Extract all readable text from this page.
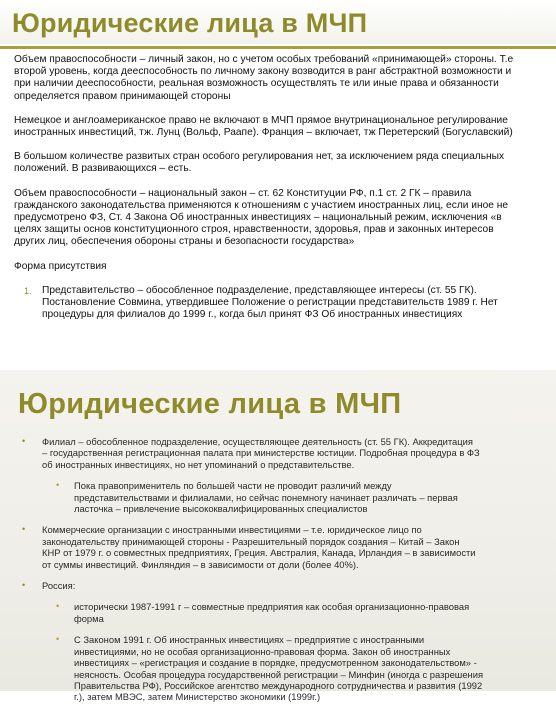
Юридические лица в МЧП

Объем правоспособности – личный закон, но с учетом особых требований «принимающей» стороны. Т.е
второй уровень, когда дееспособность по личному закону возводится в ранг абстрактной возможности и
при наличии дееспособности, реальная возможность осуществлять те или иные права и обязанности
определяется правом принимающей стороны

Немецкое и англоамериканское право не включают в МЧП прямое внутринациональное регулирование
иностранных инвестиций, тж. Лунц (Вольф, Раапе). Франция – включает, тж Перетерский (Богуславский)

В большом количестве развитых стран особого регулирования нет, за исключением ряда специальных
положений. В развивающихся – есть.

Объем правоспособности – национальный закон – ст. 62 Конституции РФ, п.1 ст. 2 ГК – правила
гражданского законодательства применяются к отношениям с участием иностранных лиц, если иное не
предусмотрено ФЗ, Ст. 4 Закона Об иностранных инвестициях – национальный режим, исключения «в
целях защиты основ конституционного строя, нравственности, здоровья, прав и законных интересов
других лиц, обеспечения обороны страны и безопасности государства»

Форма присутствия

1. Представительство – обособленное подразделение, представляющее интересы (ст. 55 ГК).
Постановление Совмина, утвердившее Положение о регистрации представительств 1989 г. Нет
процедуры для филиалов до 1999 г., когда был принят ФЗ Об иностранных инвестициях
Юридические лица в МЧП
• Филиал – обособленное подразделение, осуществляющее деятельность (ст. 55 ГК). Аккредитация
– государственная регистрационная палата при министерстве юстиции. Подробная процедура в ФЗ
об иностранных инвестициях, но нет упоминаний о представительстве.
• Пока правоприменитель по большей части не проводит различий между
представительствами и филиалами, но сейчас понемногу начинает различать – первая
ласточка – привлечение высококвалифицированных специалистов
• Коммерческие организации с иностранными инвестициями – т.е. юридическое лицо по
законодательству принимающей стороны - Разрешительный порядок создания – Китай – Закон
КНР от 1979 г. о совместных предприятиях, Греция. Австралия, Канада, Ирландия – в зависимости
от суммы инвестиций. Финляндия – в зависимости от доли (более 40%).
• Россия:
• исторически 1987-1991 г – совместные предприятия как особая организационно-правовая
форма
• С Законом 1991 г. Об иностранных инвестициях – предприятие с иностранными
инвестициями, но не особая организационно-правовая форма. Закон об иностранных
инвестициях – «регистрация и создание в порядке, предусмотренном законодательством» -
неясность. Особая процедура государственной регистрации – Минфин (иногда с разрешения
Правительства РФ), Российское агентство международного сотрудничества и развития (1992
г.), затем МВЭС, затем Министерство экономики (1999г.)
